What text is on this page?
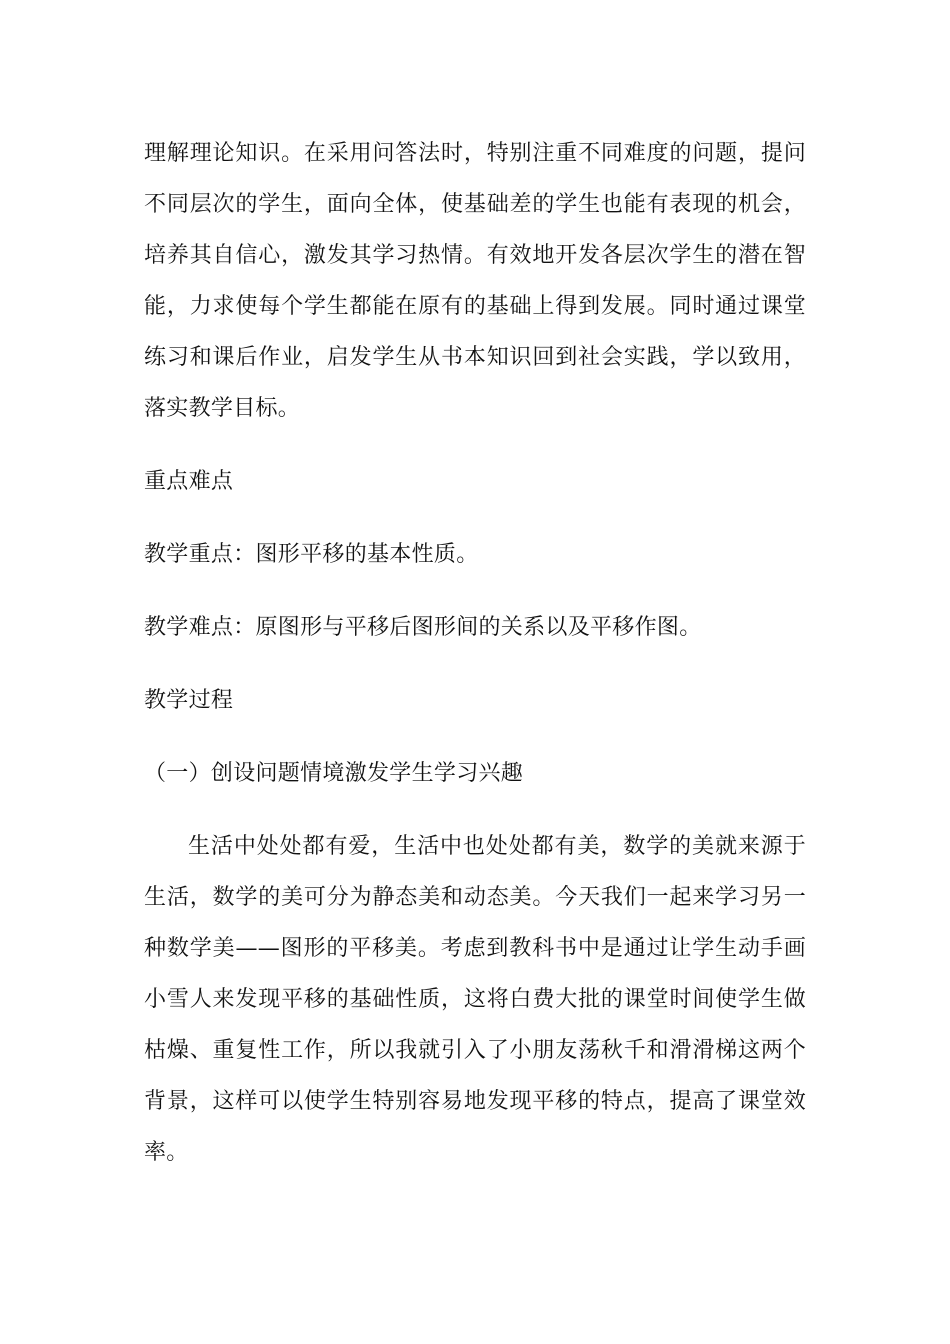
理解理论知识。在采用问答法时，特别注重不同难度的问题，提问不同层次的学生，面向全体，使基础差的学生也能有表现的机会，培养其自信心，激发其学习热情。有效地开发各层次学生的潜在智能，力求使每个学生都能在原有的基础上得到发展。同时通过课堂练习和课后作业，启发学生从书本知识回到社会实践，学以致用，落实教学目标。

重点难点

教学重点：图形平移的基本性质。

教学难点：原图形与平移后图形间的关系以及平移作图。

教学过程

（一）创设问题情境激发学生学习兴趣

生活中处处都有爱，生活中也处处都有美，数学的美就来源于生活，数学的美可分为静态美和动态美。今天我们一起来学习另一种数学美——图形的平移美。考虑到教科书中是通过让学生动手画小雪人来发现平移的基础性质，这将白费大批的课堂时间使学生做枯燥、重复性工作，所以我就引入了小朋友荡秋千和滑滑梯这两个背景，这样可以使学生特别容易地发现平移的特点，提高了课堂效率。
